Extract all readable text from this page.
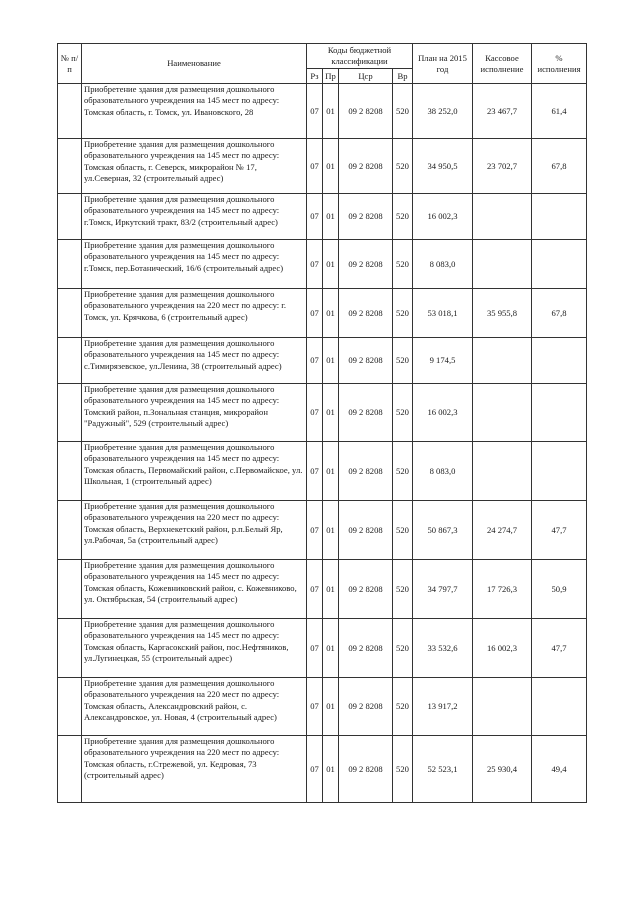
№ п/п	Наименование	Коды бюджетной классификации				План на 2015 год	Кассовое исполнение	% исполнения
		Рз	Пр	Цср	Вр			
	Приобретение здания для размещения дошкольного образовательного учреждения на 145 мест по адресу: Томская область, г. Томск, ул. Ивановского, 28	07	01	09 2 8208	520	38 252,0	23 467,7	61,4
	Приобретение здания для размещения дошкольного образовательного учреждения на 145 мест по адресу: Томская область, г. Северск, микрорайон № 17, ул.Северная, 32 (строительный адрес)	07	01	09 2 8208	520	34 950,5	23 702,7	67,8
	Приобретение здания для размещения дошкольного образовательного учреждения на 145 мест по адресу: г.Томск, Иркутский тракт, 83/2 (строительный адрес)	07	01	09 2 8208	520	16 002,3		
	Приобретение здания для размещения дошкольного образовательного учреждения на 145 мест по адресу: г.Томск, пер.Ботанический, 16/6 (строительный адрес)	07	01	09 2 8208	520	8 083,0		
	Приобретение здания для размещения дошкольного образовательного учреждения на 220 мест по адресу: г. Томск, ул. Крячкова, 6 (строительный адрес)	07	01	09 2 8208	520	53 018,1	35 955,8	67,8
	Приобретение здания для размещения дошкольного образовательного учреждения на 145 мест по адресу: с.Тимирязевское, ул.Ленина, 38 (строительный адрес)	07	01	09 2 8208	520	9 174,5		
	Приобретение здания для размещения дошкольного образовательного учреждения на 145 мест по адресу: Томский район, п.Зональная станция, микрорайон "Радужный", 529 (строительный адрес)	07	01	09 2 8208	520	16 002,3		
	Приобретение здания для размещения дошкольного образовательного учреждения на 145 мест по адресу: Томская область, Первомайский район, с.Первомайское, ул. Школьная, 1 (строительный адрес)	07	01	09 2 8208	520	8 083,0		
	Приобретение здания для размещения дошкольного образовательного учреждения на 220 мест по адресу: Томская область, Верхнекетский район, р.п.Белый Яр, ул.Рабочая, 5а (строительный адрес)	07	01	09 2 8208	520	50 867,3	24 274,7	47,7
	Приобретение здания для размещения дошкольного образовательного учреждения на 145 мест по адресу: Томская область, Кожевниковский район, с. Кожевниково, ул. Октябрьская, 54 (строительный адрес)	07	01	09 2 8208	520	34 797,7	17 726,3	50,9
	Приобретение здания для размещения дошкольного образовательного учреждения на 145 мест по адресу: Томская область, Каргасокский район, пос.Нефтяников, ул.Лугинецкая, 55 (строительный адрес)	07	01	09 2 8208	520	33 532,6	16 002,3	47,7
	Приобретение здания для размещения дошкольного образовательного учреждения на 220 мест по адресу: Томская область, Александровский район, с. Александровское, ул. Новая, 4 (строительный адрес)	07	01	09 2 8208	520	13 917,2		
	Приобретение здания для размещения дошкольного образовательного учреждения на 220 мест по адресу: Томская область, г.Стрежевой, ул. Кедровая, 73 (строительный адрес)	07	01	09 2 8208	520	52 523,1	25 930,4	49,4
